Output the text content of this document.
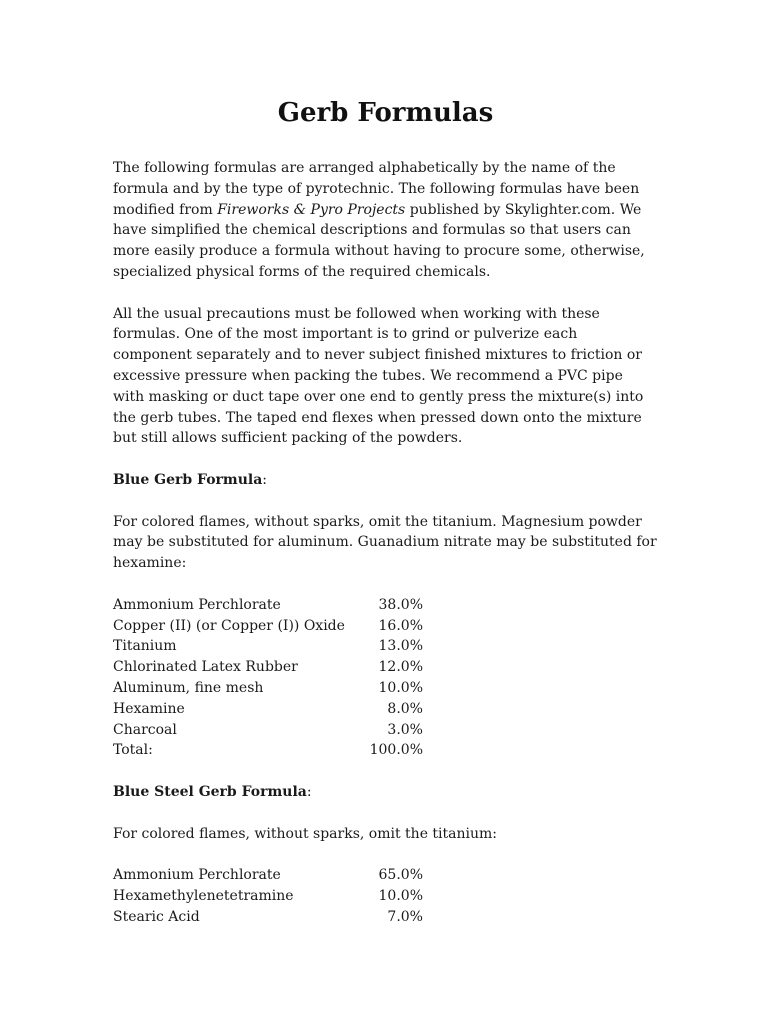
Gerb Formulas

The following formulas are arranged alphabetically by the name of the formula and by the type of pyrotechnic. The following formulas have been modified from Fireworks & Pyro Projects published by Skylighter.com. We have simplified the chemical descriptions and formulas so that users can more easily produce a formula without having to procure some, otherwise, specialized physical forms of the required chemicals.

All the usual precautions must be followed when working with these formulas. One of the most important is to grind or pulverize each component separately and to never subject finished mixtures to friction or excessive pressure when packing the tubes. We recommend a PVC pipe with masking or duct tape over one end to gently press the mixture(s) into the gerb tubes. The taped end flexes when pressed down onto the mixture but still allows sufficient packing of the powders.

Blue Gerb Formula:

For colored flames, without sparks, omit the titanium. Magnesium powder may be substituted for aluminum. Guanadium nitrate may be substituted for hexamine:

Ammonium Perchlorate	38.0%
Copper (II) (or Copper (I)) Oxide	16.0%
Titanium	13.0%
Chlorinated Latex Rubber	12.0%
Aluminum, fine mesh	10.0%
Hexamine	8.0%
Charcoal	3.0%
Total:	100.0%

Blue Steel Gerb Formula:

For colored flames, without sparks, omit the titanium:

Ammonium Perchlorate	65.0%
Hexamethylenetetramine	10.0%
Stearic Acid	7.0%
